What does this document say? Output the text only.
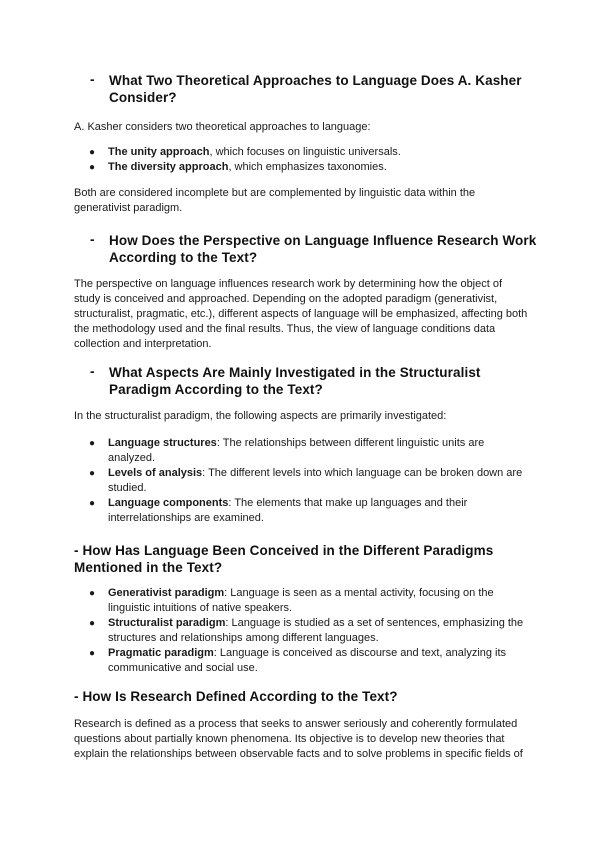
- What Two Theoretical Approaches to Language Does A. Kasher Consider?

A. Kasher considers two theoretical approaches to language:

● The unity approach, which focuses on linguistic universals.
● The diversity approach, which emphasizes taxonomies.

Both are considered incomplete but are complemented by linguistic data within the generativist paradigm.

- How Does the Perspective on Language Influence Research Work According to the Text?

The perspective on language influences research work by determining how the object of study is conceived and approached. Depending on the adopted paradigm (generativist, structuralist, pragmatic, etc.), different aspects of language will be emphasized, affecting both the methodology used and the final results. Thus, the view of language conditions data collection and interpretation.

- What Aspects Are Mainly Investigated in the Structuralist Paradigm According to the Text?

In the structuralist paradigm, the following aspects are primarily investigated:

● Language structures: The relationships between different linguistic units are analyzed.
● Levels of analysis: The different levels into which language can be broken down are studied.
● Language components: The elements that make up languages and their interrelationships are examined.
- How Has Language Been Conceived in the Different Paradigms Mentioned in the Text?
● Generativist paradigm: Language is seen as a mental activity, focusing on the linguistic intuitions of native speakers.
● Structuralist paradigm: Language is studied as a set of sentences, emphasizing the structures and relationships among different languages.
● Pragmatic paradigm: Language is conceived as discourse and text, analyzing its communicative and social use.
- How Is Research Defined According to the Text?

Research is defined as a process that seeks to answer seriously and coherently formulated questions about partially known phenomena. Its objective is to develop new theories that explain the relationships between observable facts and to solve problems in specific fields of
